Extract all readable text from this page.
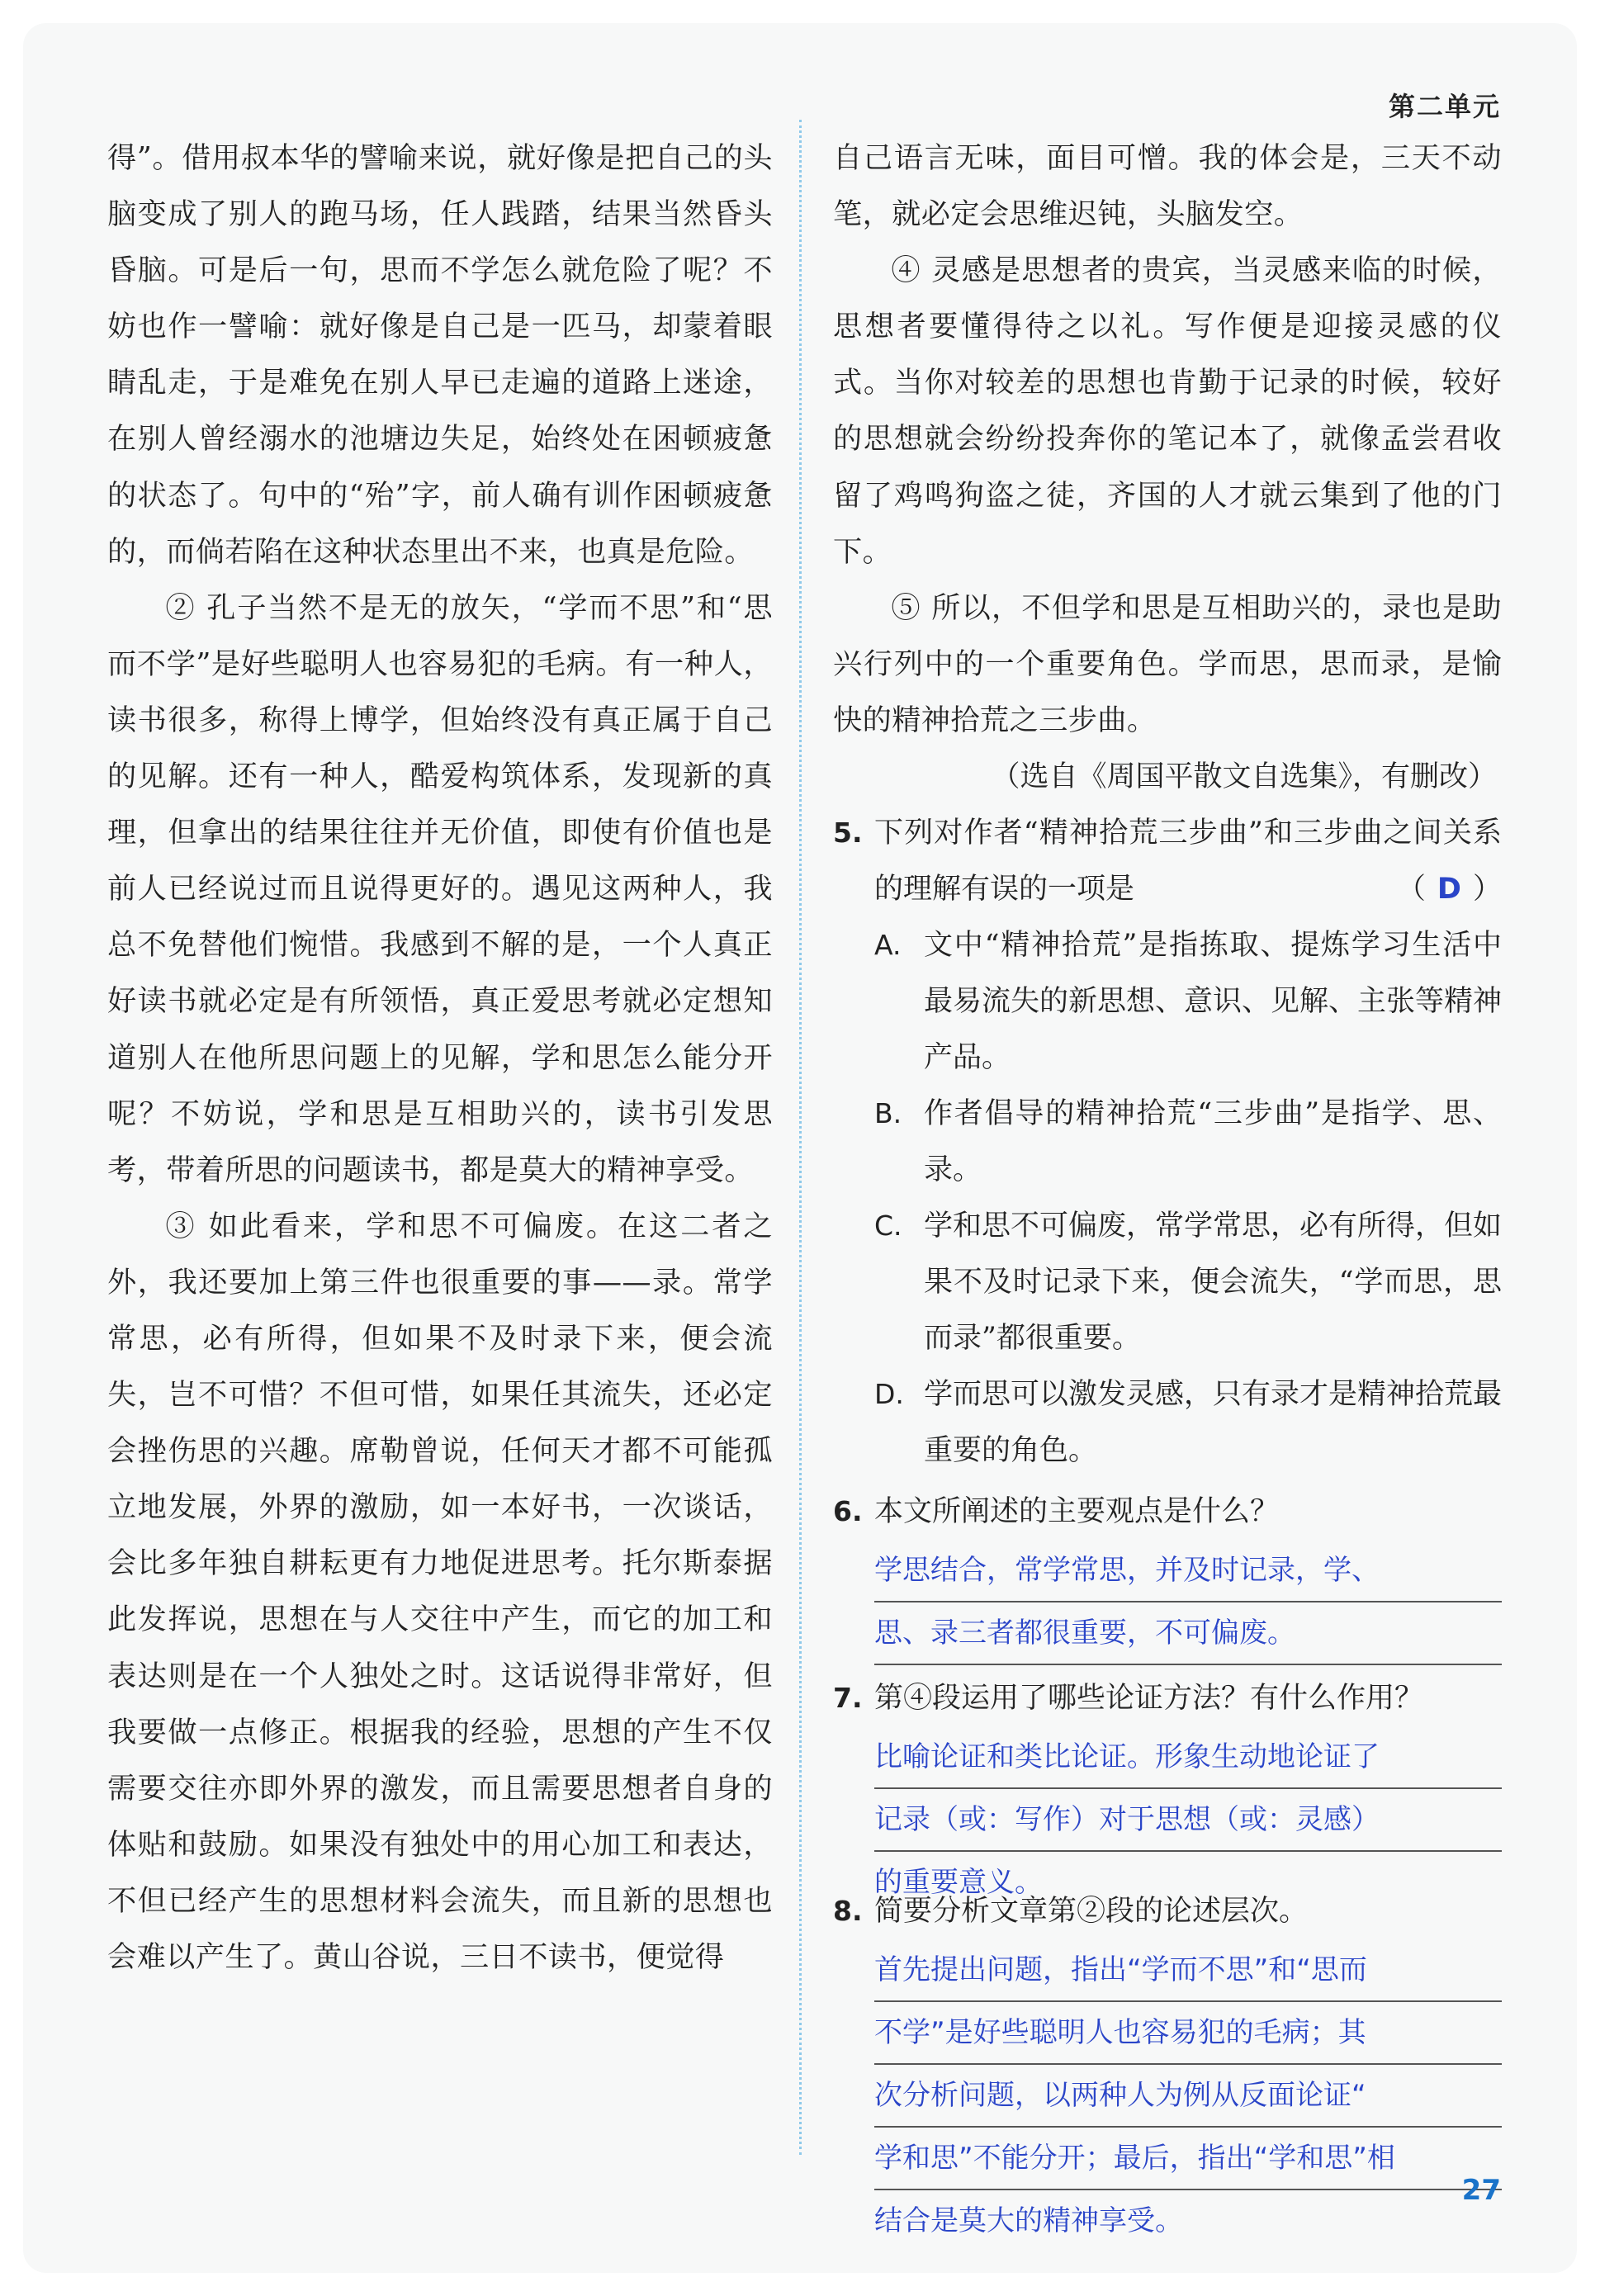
第二单元

得”。借用叔本华的譬喻来说，就好像是把自己的头脑变成了别人的跑马场，任人践踏，结果当然昏头昏脑。可是后一句，思而不学怎么就危险了呢？不妨也作一譬喻：就好像是自己是一匹马，却蒙着眼睛乱走，于是难免在别人早已走遍的道路上迷途，在别人曾经溺水的池塘边失足，始终处在困顿疲惫的状态了。句中的“殆”字，前人确有训作困顿疲惫的，而倘若陷在这种状态里出不来，也真是危险。

② 孔子当然不是无的放矢，“学而不思”和“思而不学”是好些聪明人也容易犯的毛病。有一种人，读书很多，称得上博学，但始终没有真正属于自己的见解。还有一种人，酷爱构筑体系，发现新的真理，但拿出的结果往往并无价值，即使有价值也是前人已经说过而且说得更好的。遇见这两种人，我总不免替他们惋惜。我感到不解的是，一个人真正好读书就必定是有所领悟，真正爱思考就必定想知道别人在他所思问题上的见解，学和思怎么能分开呢？不妨说，学和思是互相助兴的，读书引发思考，带着所思的问题读书，都是莫大的精神享受。

③ 如此看来，学和思不可偏废。在这二者之外，我还要加上第三件也很重要的事——录。常学常思，必有所得，但如果不及时录下来，便会流失，岂不可惜？不但可惜，如果任其流失，还必定会挫伤思的兴趣。席勒曾说，任何天才都不可能孤立地发展，外界的激励，如一本好书，一次谈话，会比多年独自耕耘更有力地促进思考。托尔斯泰据此发挥说，思想在与人交往中产生，而它的加工和表达则是在一个人独处之时。这话说得非常好，但我要做一点修正。根据我的经验，思想的产生不仅需要交往亦即外界的激发，而且需要思想者自身的体贴和鼓励。如果没有独处中的用心加工和表达，不但已经产生的思想材料会流失，而且新的思想也会难以产生了。黄山谷说，三日不读书，便觉得

自己语言无味，面目可憎。我的体会是，三天不动笔，就必定会思维迟钝，头脑发空。

④ 灵感是思想者的贵宾，当灵感来临的时候，思想者要懂得待之以礼。写作便是迎接灵感的仪式。当你对较差的思想也肯勤于记录的时候，较好的思想就会纷纷投奔你的笔记本了，就像孟尝君收留了鸡鸣狗盗之徒，齐国的人才就云集到了他的门下。

⑤ 所以，不但学和思是互相助兴的，录也是助兴行列中的一个重要角色。学而思，思而录，是愉快的精神拾荒之三步曲。

（选自《周国平散文自选集》，有删改）

5. 下列对作者“精神拾荒三步曲”和三步曲之间关系的理解有误的一项是	（ D ）
A. 文中“精神拾荒”是指拣取、提炼学习生活中最易流失的新思想、意识、见解、主张等精神产品。
B. 作者倡导的精神拾荒“三步曲”是指学、思、录。
C. 学和思不可偏废，常学常思，必有所得，但如果不及时记录下来，便会流失，“学而思，思而录”都很重要。
D. 学而思可以激发灵感，只有录才是精神拾荒最重要的角色。
6. 本文所阐述的主要观点是什么？
学思结合，常学常思，并及时记录，学、
思、录三者都很重要，不可偏废。
7. 第④段运用了哪些论证方法？有什么作用？
比喻论证和类比论证。形象生动地论证了
记录（或：写作）对于思想（或：灵感）
的重要意义。
8. 简要分析文章第②段的论述层次。
首先提出问题，指出“学而不思”和“思而
不学”是好些聪明人也容易犯的毛病；其
次分析问题，以两种人为例从反面论证“
学和思”不能分开；最后，指出“学和思”相
结合是莫大的精神享受。
27
